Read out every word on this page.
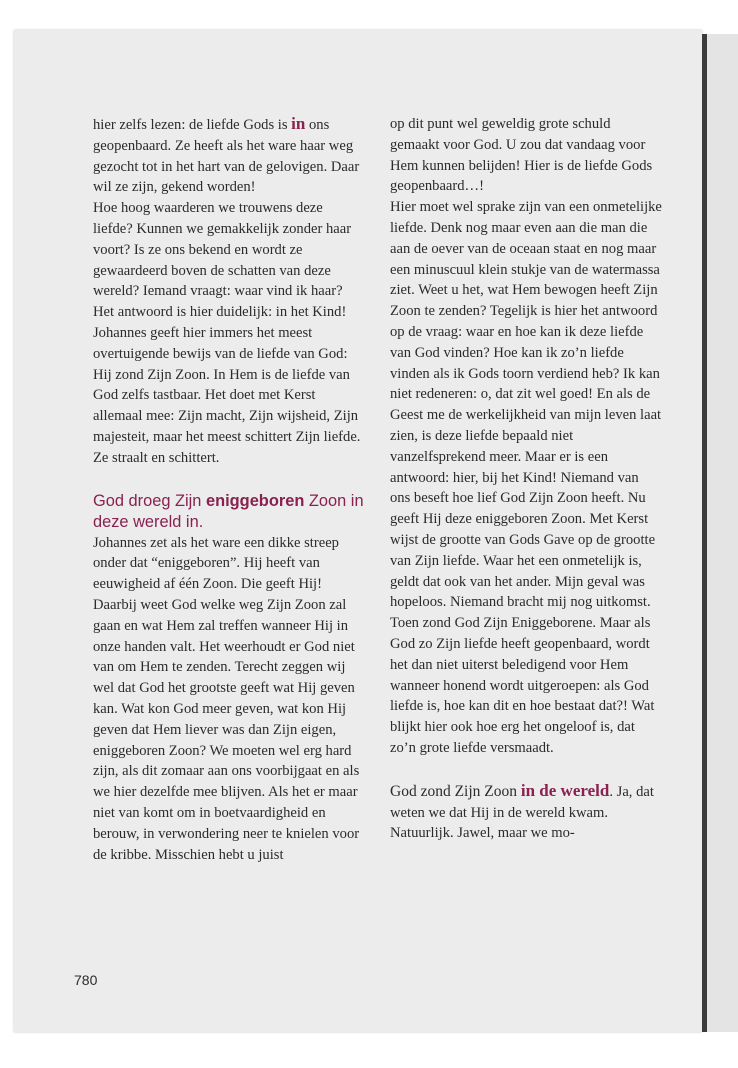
hier zelfs lezen: de liefde Gods is in ons geopenbaard. Ze heeft als het ware haar weg gezocht tot in het hart van de gelovigen. Daar wil ze zijn, gekend worden!

Hoe hoog waarderen we trouwens deze liefde? Kunnen we gemakkelijk zonder haar voort? Is ze ons bekend en wordt ze gewaardeerd boven de schatten van deze wereld? Iemand vraagt: waar vind ik haar? Het antwoord is hier duidelijk: in het Kind! Johannes geeft hier immers het meest overtuigende bewijs van de liefde van God: Hij zond Zijn Zoon. In Hem is de liefde van God zelfs tastbaar. Het doet met Kerst allemaal mee: Zijn macht, Zijn wijsheid, Zijn majesteit, maar het meest schittert Zijn liefde. Ze straalt en schittert.

God droeg Zijn eniggeboren Zoon in deze wereld in.

Johannes zet als het ware een dikke streep onder dat “eniggeboren”. Hij heeft van eeuwigheid af één Zoon. Die geeft Hij! Daarbij weet God welke weg Zijn Zoon zal gaan en wat Hem zal treffen wanneer Hij in onze handen valt. Het weerhoudt er God niet van om Hem te zenden. Terecht zeggen wij wel dat God het grootste geeft wat Hij geven kan. Wat kon God meer geven, wat kon Hij geven dat Hem liever was dan Zijn eigen, eniggeboren Zoon? We moeten wel erg hard zijn, als dit zomaar aan ons voorbijgaat en als we hier dezelfde mee blijven. Als het er maar niet van komt om in boetvaardigheid en berouw, in verwondering neer te knielen voor de kribbe. Misschien hebt u juist

op dit punt wel geweldig grote schuld gemaakt voor God. U zou dat vandaag voor Hem kunnen belijden! Hier is de liefde Gods geopenbaard…!

Hier moet wel sprake zijn van een onmetelijke liefde. Denk nog maar even aan die man die aan de oever van de oceaan staat en nog maar een minuscuul klein stukje van de watermassa ziet. Weet u het, wat Hem bewogen heeft Zijn Zoon te zenden? Tegelijk is hier het antwoord op de vraag: waar en hoe kan ik deze liefde van God vinden? Hoe kan ik zo’n liefde vinden als ik Gods toorn verdiend heb? Ik kan niet redeneren: o, dat zit wel goed! En als de Geest me de werkelijkheid van mijn leven laat zien, is deze liefde bepaald niet vanzelfsprekend meer. Maar er is een antwoord: hier, bij het Kind! Niemand van ons beseft hoe lief God Zijn Zoon heeft. Nu geeft Hij deze eniggeboren Zoon. Met Kerst wijst de grootte van Gods Gave op de grootte van Zijn liefde. Waar het een onmetelijk is, geldt dat ook van het ander. Mijn geval was hopeloos. Niemand bracht mij nog uitkomst. Toen zond God Zijn Eniggeborene. Maar als God zo Zijn liefde heeft geopenbaard, wordt het dan niet uiterst beledigend voor Hem wanneer honend wordt uitgeroepen: als God liefde is, hoe kan dit en hoe bestaat dat?! Wat blijkt hier ook hoe erg het ongeloof is, dat zo’n grote liefde versmaadt.

God zond Zijn Zoon in de wereld. Ja, dat weten we dat Hij in de wereld kwam. Natuurlijk. Jawel, maar we mo-

780
